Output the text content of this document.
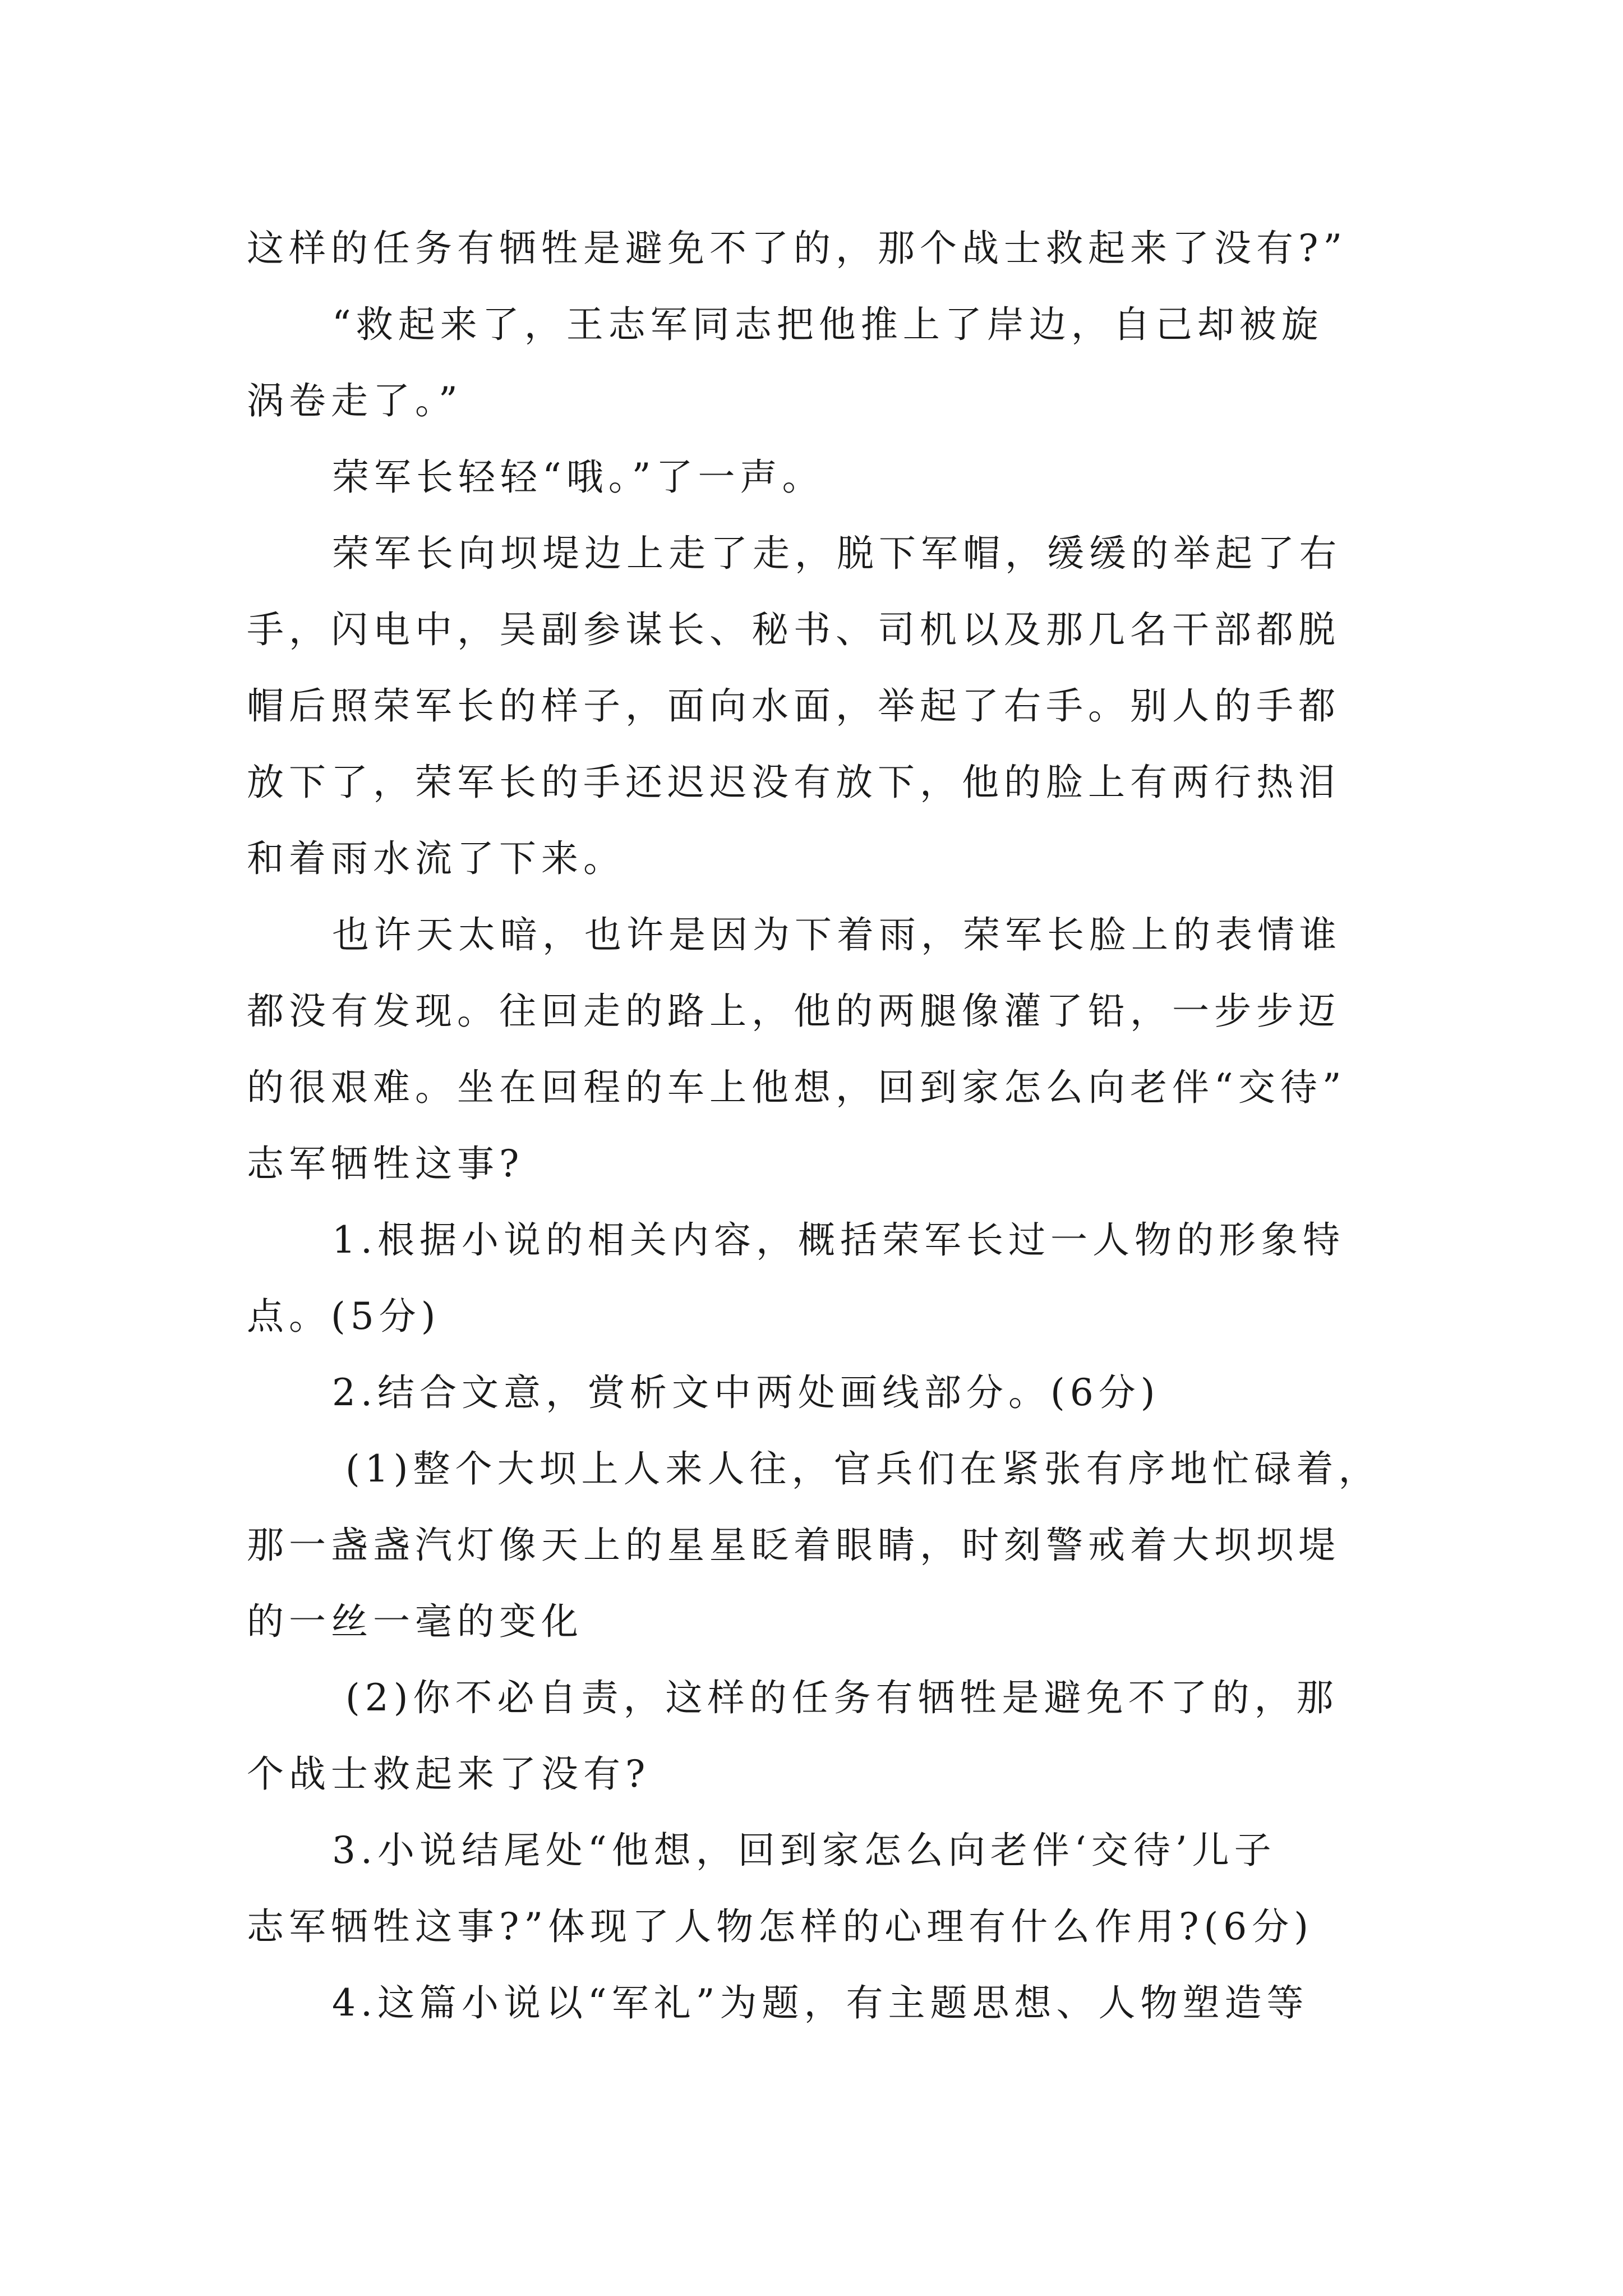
这样的任务有牺牲是避免不了的，那个战士救起来了没有?”
“救起来了，王志军同志把他推上了岸边，自己却被旋
涡卷走了。”
荣军长轻轻“哦。”了一声。
荣军长向坝堤边上走了走，脱下军帽，缓缓的举起了右
手，闪电中，吴副参谋长、秘书、司机以及那几名干部都脱
帽后照荣军长的样子，面向水面，举起了右手。别人的手都
放下了，荣军长的手还迟迟没有放下，他的脸上有两行热泪
和着雨水流了下来。
也许天太暗，也许是因为下着雨，荣军长脸上的表情谁
都没有发现。往回走的路上，他的两腿像灌了铅，一步步迈
的很艰难。坐在回程的车上他想，回到家怎么向老伴“交待”
志军牺牲这事?
1.根据小说的相关内容，概括荣军长过一人物的形象特
点。(5分)
2.结合文意，赏析文中两处画线部分。(6分)
(1)整个大坝上人来人往，官兵们在紧张有序地忙碌着，
那一盏盏汽灯像天上的星星眨着眼睛，时刻警戒着大坝坝堤
的一丝一毫的变化
(2)你不必自责，这样的任务有牺牲是避免不了的，那
个战士救起来了没有?
3.小说结尾处“他想，回到家怎么向老伴‘交待’儿子
志军牺牲这事?”体现了人物怎样的心理有什么作用?(6分)
4.这篇小说以“军礼”为题，有主题思想、人物塑造等
